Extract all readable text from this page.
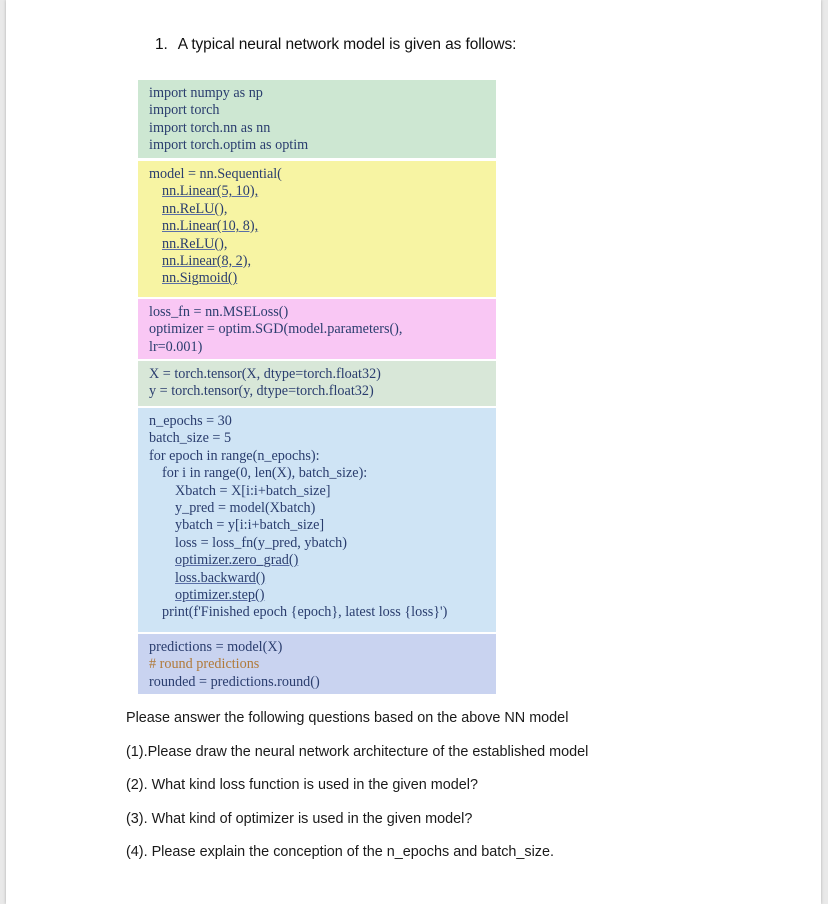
1. A typical neural network model is given as follows:
import numpy as np
import torch
import torch.nn as nn
import torch.optim as optim
model = nn.Sequential(
nn.Linear(5, 10),
nn.ReLU(),
nn.Linear(10, 8),
nn.ReLU(),
nn.Linear(8, 2),
nn.Sigmoid()
loss_fn = nn.MSELoss()
optimizer = optim.SGD(model.parameters(),
lr=0.001)
X = torch.tensor(X, dtype=torch.float32)
y = torch.tensor(y, dtype=torch.float32)
n_epochs = 30
batch_size = 5
for epoch in range(n_epochs):
for i in range(0, len(X), batch_size):
Xbatch = X[i:i+batch_size]
y_pred = model(Xbatch)
ybatch = y[i:i+batch_size]
loss = loss_fn(y_pred, ybatch)
optimizer.zero_grad()
loss.backward()
optimizer.step()
print(f'Finished epoch {epoch}, latest loss {loss}')
predictions = model(X)
# round predictions
rounded = predictions.round()
Please answer the following questions based on the above NN model
(1).Please draw the neural network architecture of the established model
(2). What kind loss function is used in the given model?
(3). What kind of optimizer is used in the given model?
(4). Please explain the conception of the n_epochs and batch_size.
